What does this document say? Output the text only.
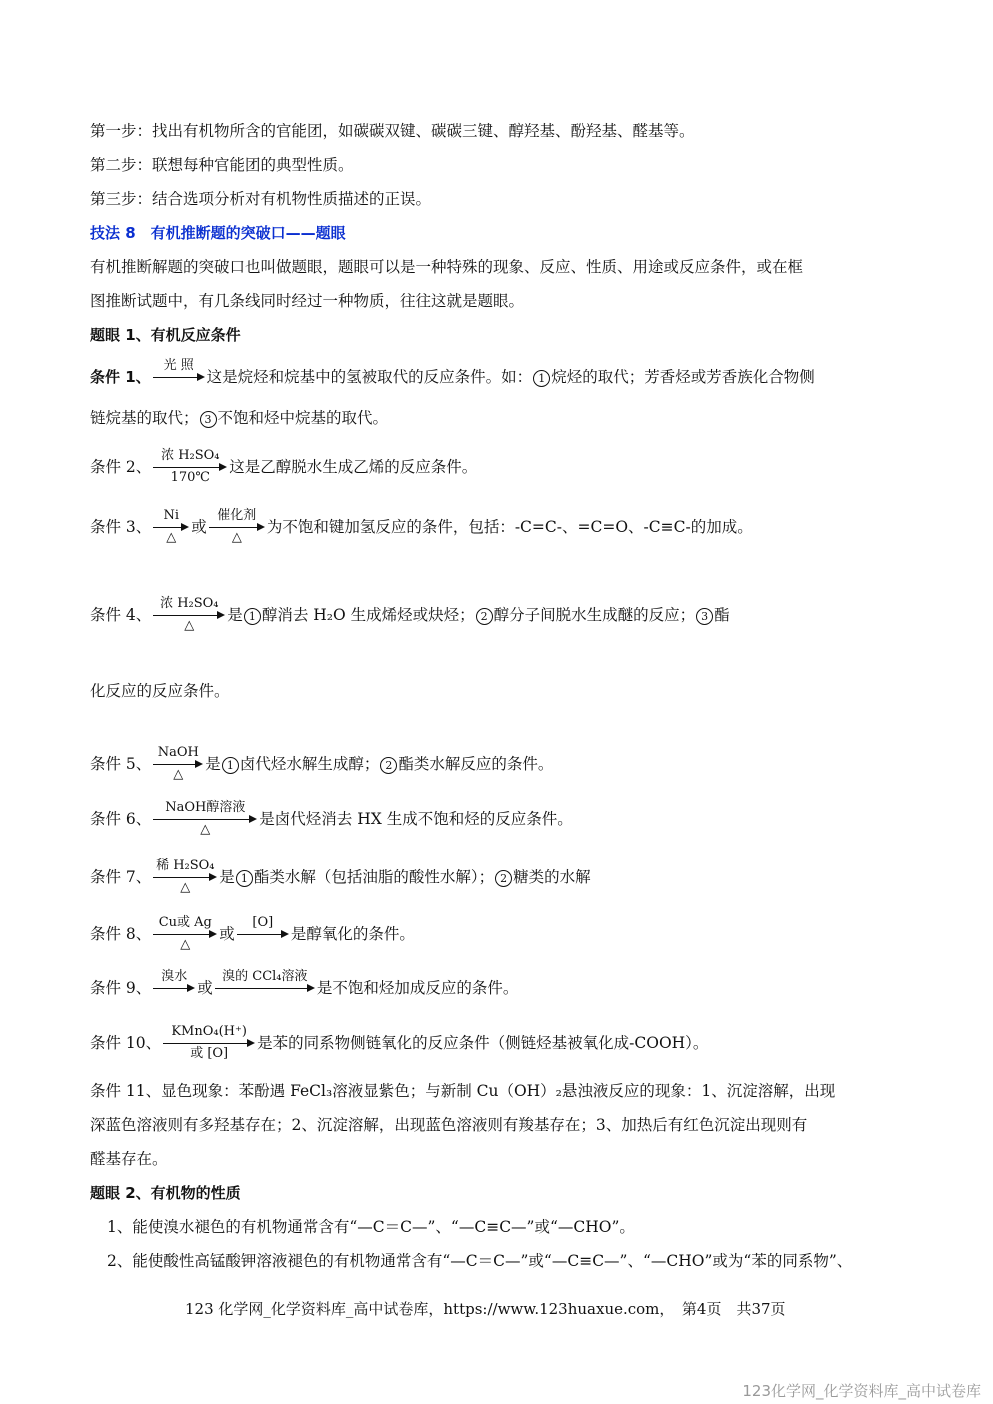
第一步：找出有机物所含的官能团，如碳碳双键、碳碳三键、醇羟基、酚羟基、醛基等。
第二步：联想每种官能团的典型性质。
第三步：结合选项分析对有机物性质描述的正误。
技法 8　有机推断题的突破口——题眼
有机推断解题的突破口也叫做题眼，题眼可以是一种特殊的现象、反应、性质、用途或反应条件，或在框
图推断试题中，有几条线同时经过一种物质，往往这就是题眼。
题眼 1、有机反应条件
条件 1、
光 照
这是烷烃和烷基中的氢被取代的反应条件。如： 1 烷烃的取代；芳香烃或芳香族化合物侧
链烷基的取代； 3 不饱和烃中烷基的取代。
条件 2、
浓 H₂SO₄
170℃
这是乙醇脱水生成乙烯的反应条件。
条件 3、
Ni
△
或
催化剂
△
为不饱和键加氢反应的条件，包括：-C=C-、=C=O、-C≡C-的加成。
条件 4、
浓 H₂SO₄
△
是 1 醇消去 H₂O 生成烯烃或炔烃； 2 醇分子间脱水生成醚的反应； 3 酯
化反应的反应条件。
条件 5、
NaOH
△
是 1 卤代烃水解生成醇； 2 酯类水解反应的条件。
条件 6、
NaOH醇溶液
△
是卤代烃消去 HX 生成不饱和烃的反应条件。
条件 7、
稀 H₂SO₄
△
是 1 酯类水解（包括油脂的酸性水解）； 2 糖类的水解
条件 8、
Cu或 Ag
△
或
[O]
是醇氧化的条件。
条件 9、
溴水
或
溴的 CCl₄溶液
是不饱和烃加成反应的条件。
条件 10、
KMnO₄(H⁺)
或 [O]
是苯的同系物侧链氧化的反应条件（侧链烃基被氧化成-COOH）。
条件 11、显色现象：苯酚遇 FeCl₃溶液显紫色；与新制 Cu（OH）₂悬浊液反应的现象：1、沉淀溶解，出现
深蓝色溶液则有多羟基存在；2、沉淀溶解，出现蓝色溶液则有羧基存在；3、加热后有红色沉淀出现则有
醛基存在。
题眼 2、有机物的性质
1、能使溴水褪色的有机物通常含有“—C＝C—”、“—C≡C—”或“—CHO”。
2、能使酸性高锰酸钾溶液褪色的有机物通常含有“—C＝C—”或“—C≡C—”、“—CHO”或为“苯的同系物”、
123 化学网_化学资料库_高中试卷库，https://www.123huaxue.com，　第4页　共37页
123化学网_化学资料库_高中试卷库
